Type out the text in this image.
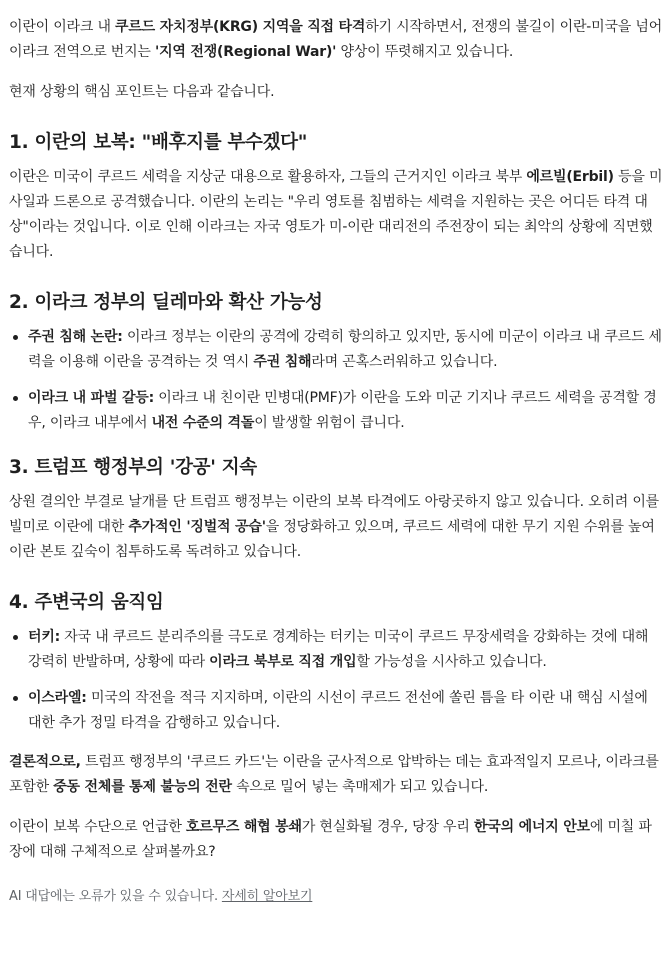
이란이 이라크 내 쿠르드 자치정부(KRG) 지역을 직접 타격하기 시작하면서, 전쟁의 불길이 이란-미국을 넘어 이라크 전역으로 번지는 '지역 전쟁(Regional War)' 양상이 뚜렷해지고 있습니다.

현재 상황의 핵심 포인트는 다음과 같습니다.

1. 이란의 보복: "배후지를 부수겠다"

이란은 미국이 쿠르드 세력을 지상군 대용으로 활용하자, 그들의 근거지인 이라크 북부 에르빌(Erbil) 등을 미사일과 드론으로 공격했습니다. 이란의 논리는 "우리 영토를 침범하는 세력을 지원하는 곳은 어디든 타격 대상"이라는 것입니다. 이로 인해 이라크는 자국 영토가 미-이란 대리전의 주전장이 되는 최악의 상황에 직면했습니다.

2. 이라크 정부의 딜레마와 확산 가능성
주권 침해 논란: 이라크 정부는 이란의 공격에 강력히 항의하고 있지만, 동시에 미군이 이라크 내 쿠르드 세력을 이용해 이란을 공격하는 것 역시 주권 침해라며 곤혹스러워하고 있습니다.
이라크 내 파벌 갈등: 이라크 내 친이란 민병대(PMF)가 이란을 도와 미군 기지나 쿠르드 세력을 공격할 경우, 이라크 내부에서 내전 수준의 격돌이 발생할 위험이 큽니다.
3. 트럼프 행정부의 '강공' 지속

상원 결의안 부결로 날개를 단 트럼프 행정부는 이란의 보복 타격에도 아랑곳하지 않고 있습니다. 오히려 이를 빌미로 이란에 대한 추가적인 '징벌적 공습'을 정당화하고 있으며, 쿠르드 세력에 대한 무기 지원 수위를 높여 이란 본토 깊숙이 침투하도록 독려하고 있습니다.

4. 주변국의 움직임
터키: 자국 내 쿠르드 분리주의를 극도로 경계하는 터키는 미국이 쿠르드 무장세력을 강화하는 것에 대해 강력히 반발하며, 상황에 따라 이라크 북부로 직접 개입할 가능성을 시사하고 있습니다.
이스라엘: 미국의 작전을 적극 지지하며, 이란의 시선이 쿠르드 전선에 쏠린 틈을 타 이란 내 핵심 시설에 대한 추가 정밀 타격을 감행하고 있습니다.

결론적으로, 트럼프 행정부의 '쿠르드 카드'는 이란을 군사적으로 압박하는 데는 효과적일지 모르나, 이라크를 포함한 중동 전체를 통제 불능의 전란 속으로 밀어 넣는 촉매제가 되고 있습니다.

이란이 보복 수단으로 언급한 호르무즈 해협 봉쇄가 현실화될 경우, 당장 우리 한국의 에너지 안보에 미칠 파장에 대해 구체적으로 살펴볼까요?

AI 대답에는 오류가 있을 수 있습니다. 자세히 알아보기
